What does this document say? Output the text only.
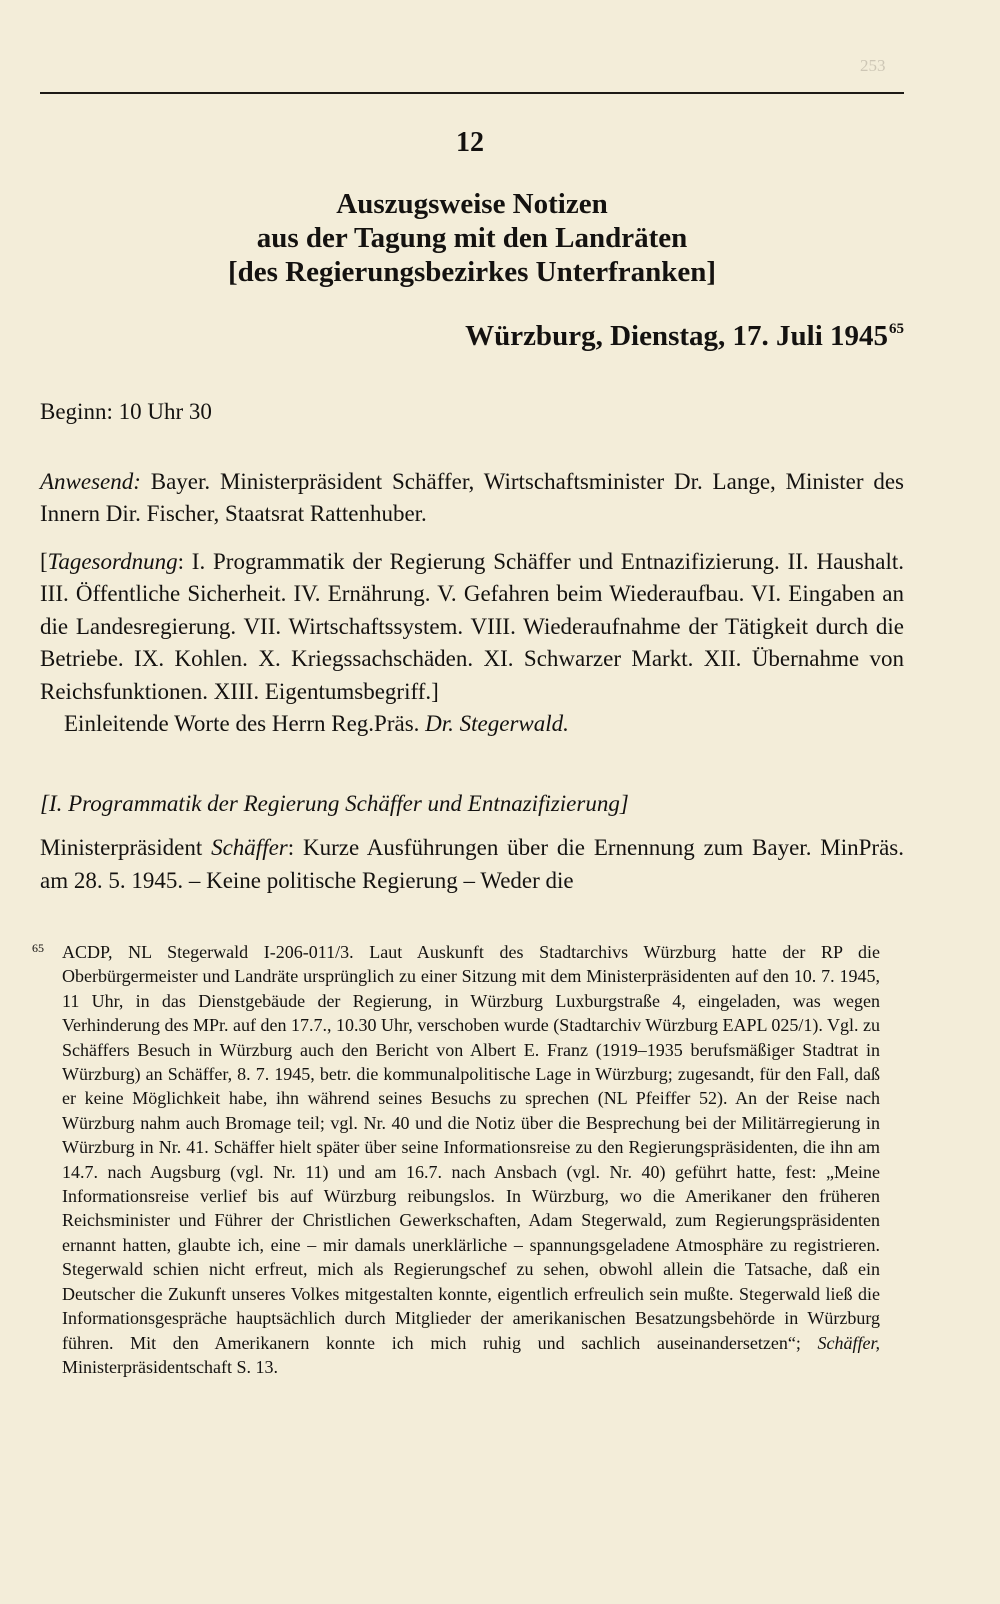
253
12
Auszugsweise Notizen
aus der Tagung mit den Landräten
[des Regierungsbezirkes Unterfranken]
Würzburg, Dienstag, 17. Juli 1945$^{65}$

Beginn: 10 Uhr 30

Anwesend: Bayer. Ministerpräsident Schäffer, Wirtschaftsminister Dr. Lange, Minister des Innern Dir. Fischer, Staatsrat Rattenhuber.

[Tagesordnung: I. Programmatik der Regierung Schäffer und Entnazifizierung. II. Haushalt. III. Öffentliche Sicherheit. IV. Ernährung. V. Gefahren beim Wiederaufbau. VI. Eingaben an die Landesregierung. VII. Wirtschaftssystem. VIII. Wiederaufnahme der Tätigkeit durch die Betriebe. IX. Kohlen. X. Kriegssachschäden. XI. Schwarzer Markt. XII. Übernahme von Reichsfunktionen. XIII. Eigentumsbegriff.]

Einleitende Worte des Herrn Reg.Präs. Dr. Stegerwald.

[I. Programmatik der Regierung Schäffer und Entnazifizierung]

Ministerpräsident Schäffer: Kurze Ausführungen über die Ernennung zum Bayer. MinPräs. am 28. 5. 1945. – Keine politische Regierung – Weder die

65	ACDP, NL Stegerwald I-206-011/3. Laut Auskunft des Stadtarchivs Würzburg hatte der RP die Oberbürgermeister und Landräte ursprünglich zu einer Sitzung mit dem Ministerpräsidenten auf den 10. 7. 1945, 11 Uhr, in das Dienstgebäude der Regierung, in Würzburg Luxburgstraße 4, eingeladen, was wegen Verhinderung des MPr. auf den 17.7., 10.30 Uhr, verschoben wurde (Stadtarchiv Würzburg EAPL 025/1). Vgl. zu Schäffers Besuch in Würzburg auch den Bericht von Albert E. Franz (1919–1935 berufsmäßiger Stadtrat in Würzburg) an Schäffer, 8. 7. 1945, betr. die kommunalpolitische Lage in Würzburg; zugesandt, für den Fall, daß er keine Möglichkeit habe, ihn während seines Besuchs zu sprechen (NL Pfeiffer 52). An der Reise nach Würzburg nahm auch Bromage teil; vgl. Nr. 40 und die Notiz über die Besprechung bei der Militärregierung in Würzburg in Nr. 41. Schäffer hielt später über seine Informationsreise zu den Regierungspräsidenten, die ihn am 14.7. nach Augsburg (vgl. Nr. 11) und am 16.7. nach Ansbach (vgl. Nr. 40) geführt hatte, fest: „Meine Informationsreise verlief bis auf Würzburg reibungslos. In Würzburg, wo die Amerikaner den früheren Reichsminister und Führer der Christlichen Gewerkschaften, Adam Stegerwald, zum Regierungspräsidenten ernannt hatten, glaubte ich, eine – mir damals unerklärliche – spannungsgeladene Atmosphäre zu registrieren. Stegerwald schien nicht erfreut, mich als Regierungschef zu sehen, obwohl allein die Tatsache, daß ein Deutscher die Zukunft unseres Volkes mitgestalten konnte, eigentlich erfreulich sein mußte. Stegerwald ließ die Informationsgespräche hauptsächlich durch Mitglieder der amerikanischen Besatzungsbehörde in Würzburg führen. Mit den Amerikanern konnte ich mich ruhig und sachlich auseinandersetzen“; Schäffer, Ministerpräsidentschaft S. 13.
